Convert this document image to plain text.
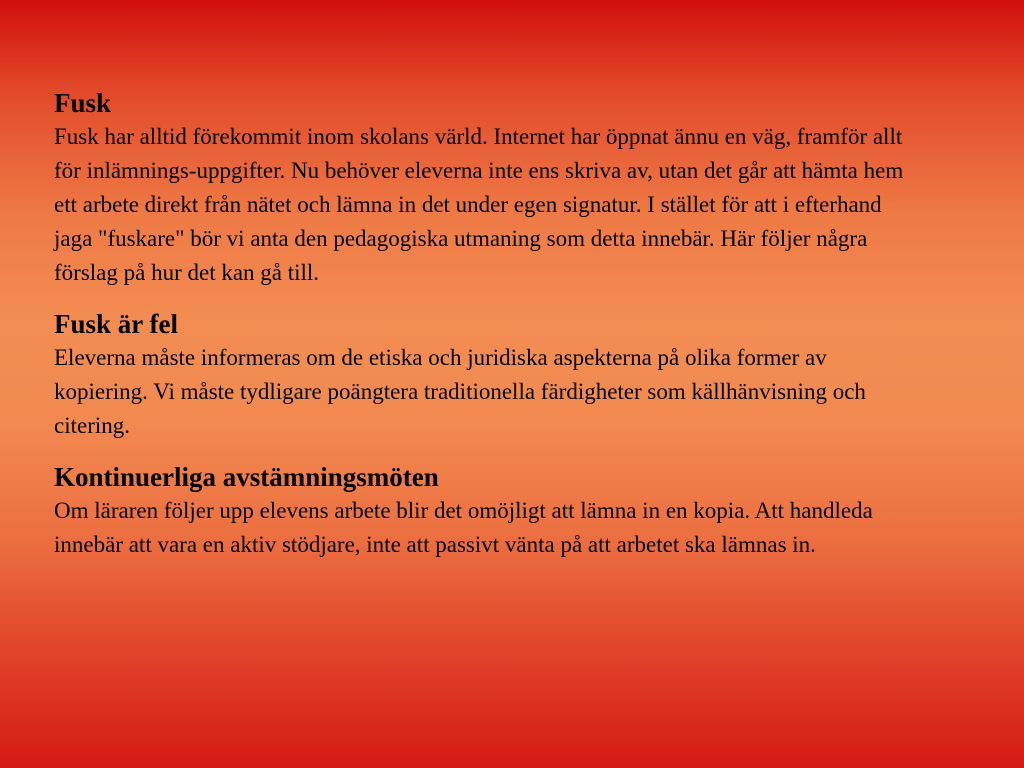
Fusk

Fusk har alltid förekommit inom skolans värld. Internet har öppnat ännu en väg, framför allt för inlämnings-uppgifter. Nu behöver eleverna inte ens skriva av, utan det går att hämta hem ett arbete direkt från nätet och lämna in det under egen signatur. I stället för att i efterhand jaga "fuskare" bör vi anta den pedagogiska utmaning som detta innebär. Här följer några förslag på hur det kan gå till.

Fusk är fel

Eleverna måste informeras om de etiska och juridiska aspekterna på olika former av kopiering. Vi måste tydligare poängtera traditionella färdigheter som källhänvisning och citering.

Kontinuerliga avstämningsmöten

Om läraren följer upp elevens arbete blir det omöjligt att lämna in en kopia. Att handleda innebär att vara en aktiv stödjare, inte att passivt vänta på att arbetet ska lämnas in.
